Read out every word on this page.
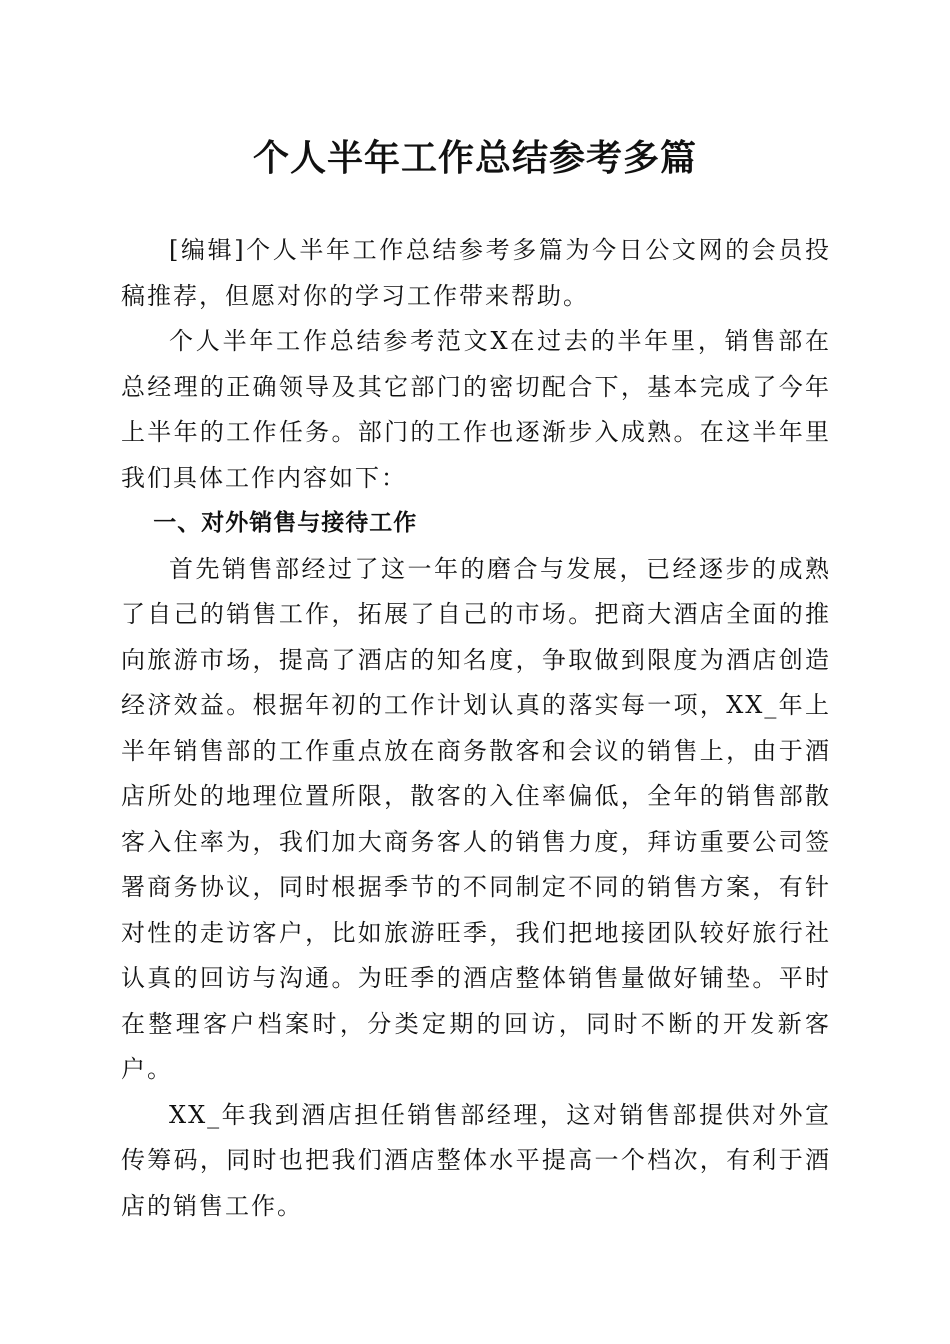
个人半年工作总结参考多篇

[编辑]个人半年工作总结参考多篇为今日公文网的会员投稿推荐，但愿对你的学习工作带来帮助。

个人半年工作总结参考范文X在过去的半年里，销售部在总经理的正确领导及其它部门的密切配合下，基本完成了今年上半年的工作任务。部门的工作也逐渐步入成熟。在这半年里我们具体工作内容如下：

一、对外销售与接待工作

首先销售部经过了这一年的磨合与发展，已经逐步的成熟了自己的销售工作，拓展了自己的市场。把商大酒店全面的推向旅游市场，提高了酒店的知名度，争取做到限度为酒店创造经济效益。根据年初的工作计划认真的落实每一项，XX_年上半年销售部的工作重点放在商务散客和会议的销售上，由于酒店所处的地理位置所限，散客的入住率偏低，全年的销售部散客入住率为，我们加大商务客人的销售力度，拜访重要公司签署商务协议，同时根据季节的不同制定不同的销售方案，有针对性的走访客户，比如旅游旺季，我们把地接团队较好旅行社认真的回访与沟通。为旺季的酒店整体销售量做好铺垫。平时在整理客户档案时，分类定期的回访，同时不断的开发新客户。

XX_年我到酒店担任销售部经理，这对销售部提供对外宣传筹码，同时也把我们酒店整体水平提高一个档次，有利于酒店的销售工作。
